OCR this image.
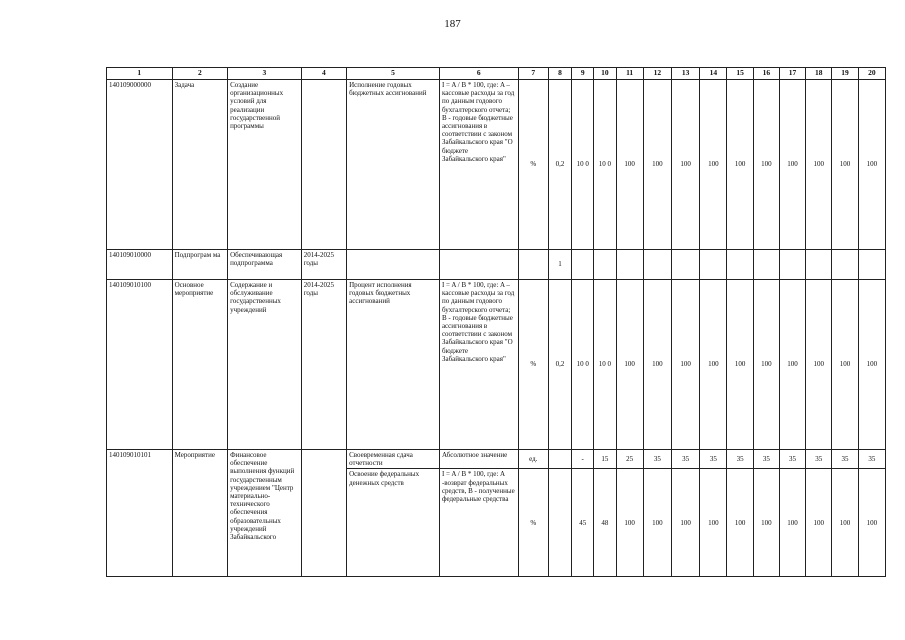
187
1	2	3	4	5	6	7	8	9	10	11	12	13	14	15	16	17	18	19	20
140109000000	Задача	Создание организационных условий для реализации государственной программы		Исполнение годовых бюджетных ассигнований	I = A / B * 100, где: A – кассовые расходы за год по данным годового бухгалтерского отчета; B - годовые бюджетные ассигнования в соответствии с законом Забайкальского края "О бюджете Забайкальского края"	%	0,2	10 0	10 0	100	100	100	100	100	100	100	100	100	100
140109010000	Подпрограм ма	Обеспечивающая подпрограмма	2014-2025 годы				1												
140109010100	Основное мероприятие	Содержание и обслуживание государственных учреждений	2014-2025 годы	Процент исполнения годовых бюджетных ассигнований	I = A / B * 100, где: A – кассовые расходы за год по данным годового бухгалтерского отчета; B - годовые бюджетные ассигнования в соответствии с законом Забайкальского края "О бюджете Забайкальского края"	%	0,2	10 0	10 0	100	100	100	100	100	100	100	100	100	100
140109010101	Мероприятие	Финансовое обеспечение выполнения функций государственным учреждением "Центр материально-технического обеспечения образовательных учреждений Забайкальского		Своевременная сдача отчетности	Абсолютное значение	ед.		-	15	25	35	35	35	35	35	35	35	35	35
				Освоение федеральных денежных средств	I = A / B * 100, где: A -возврат федеральных средств, B - полученные федеральные средства	%		45	48	100	100	100	100	100	100	100	100	100	100
